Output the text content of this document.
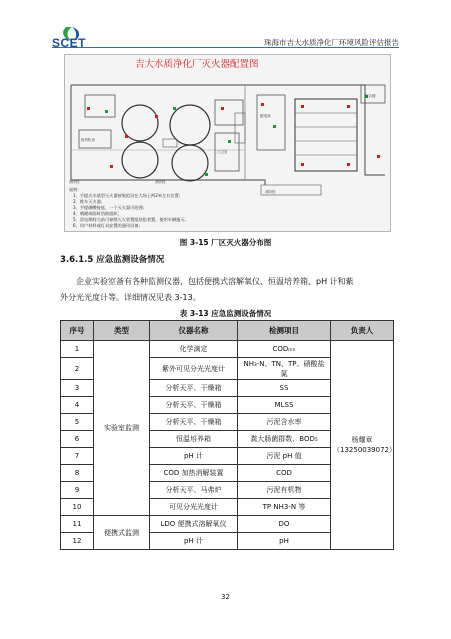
SCET	珠海市吉大水质净化厂环境风险评估报告
吉大水质净化厂灭火器配置图
门卫室
配电间
鼓风机房
消防栓
消防栓
综合楼
消防栓
说明：
1、手提式水基型灭火器按规范设在大场上两2米左右位置；
2、推车灭火器；
3、手提磷酸铵盐、一个灭火器可处理；
4、哦暖或临时消防组织；
5、雷电期间当前可参照灭火装置组装组装置，使用车辆施灭；
6、用户材料或灯具安置的通风设备；
图 3-15 厂区灭火器分布图
3.6.1.5 应急监测设备情况

企业实验室备有各种监测仪器，包括便携式溶解氧仪、恒温培养箱、pH 计和紫

外分光光度计等。详细情况见表 3-13。

表 3-13 应急监测设备情况
序号	类型	仪器名称	检测项目	负责人
1	实验室监测	化学滴定	CODₘₙ	杨耀章
（13250039072）

2		紫外可见分光光度计	NH₃-N、TN、TP、硝酸盐氮	
3		分析天平、干燥箱	SS	
4		分析天平、干燥箱	MLSS	
5		分析天平、干燥箱	污泥含水率	
6		恒温培养箱	粪大肠菌群数、BOD₅	
7		pH 计	污泥 pH 值	
8		COD 加热消解装置	COD	
9		分析天平、马弗炉	污泥有机物	
10		可见分光光度计	TP NH3-N 等	
11	便携式监测	LDO 便携式溶解氧仪	DO	
12		pH 计	pH	
32
